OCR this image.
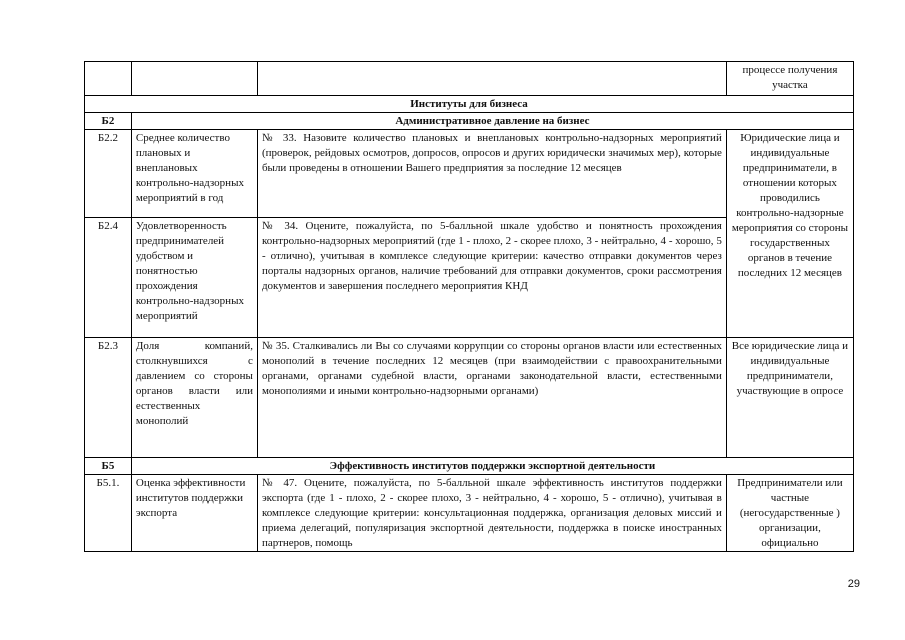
			процессе получения участка
Институты для бизнеса			
Б2	Административное давление на бизнес		
Б2.2	Среднее количество плановых и внеплановых контрольно-надзорных мероприятий в год	№ 33. Назовите количество плановых и внеплановых контрольно-надзорных мероприятий (проверок, рейдовых осмотров, допросов, опросов и других юридически значимых мер), которые были проведены в отношении Вашего предприятия за последние 12 месяцев	Юридические лица и индивидуальные предприниматели, в отношении которых проводились контрольно-надзорные мероприятия со стороны государственных органов в течение последних 12 месяцев
Б2.4	Удовлетворенность предпринимателей удобством и понятностью прохождения контрольно-надзорных мероприятий	№ 34. Оцените, пожалуйста, по 5-балльной шкале удобство и понятность прохождения контрольно-надзорных мероприятий (где 1 - плохо, 2 - скорее плохо, 3 - нейтрально, 4 - хорошо, 5 - отлично), учитывая в комплексе следующие критерии: качество отправки документов через порталы надзорных органов, наличие требований для отправки документов, сроки рассмотрения документов и завершения последнего мероприятия КНД	
Б2.3	Доля компаний, столкнувшихся с давлением со стороны органов власти или естественных монополий	№ 35. Сталкивались ли Вы со случаями коррупции со стороны органов власти или естественных монополий в течение последних 12 месяцев (при взаимодействии с правоохранительными органами, органами судебной власти, органами законодательной власти, естественными монополиями и иными контрольно-надзорными органами)	Все юридические лица и индивидуальные предприниматели, участвующие в опросе
Б5	Эффективность институтов поддержки экспортной деятельности		
Б5.1.	Оценка эффективности институтов поддержки экспорта	№ 47. Оцените, пожалуйста, по 5-балльной шкале эффективность институтов поддержки экспорта (где 1 - плохо, 2 - скорее плохо, 3 - нейтрально, 4 - хорошо, 5 - отлично), учитывая в комплексе следующие критерии: консультационная поддержка, организация деловых миссий и приема делегаций, популяризация экспортной деятельности, поддержка в поиске иностранных партнеров, помощь	Предприниматели или частные (негосударственные ) организации, официально
29
